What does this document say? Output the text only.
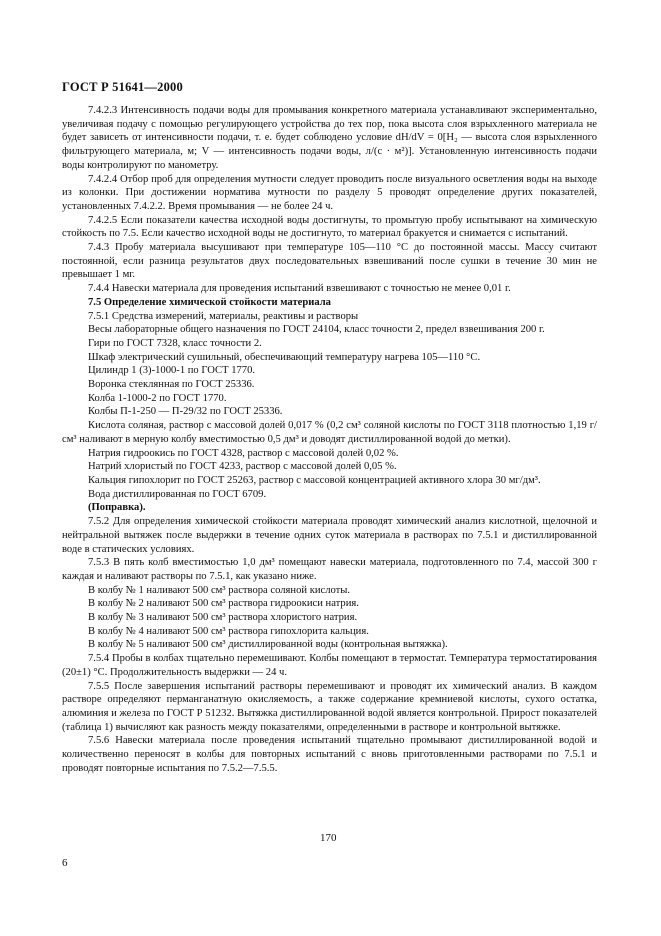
ГОСТ Р 51641—2000

7.4.2.3 Интенсивность подачи воды для промывания конкретного материала устанавливают экспериментально, увеличивая подачу с помощью регулирующего устройства до тех пор, пока высота слоя взрыхленного материала не будет зависеть от интенсивности подачи, т. е. будет соблюдено условие dH/dV = 0[H₂ — высота слоя взрыхленного фильтрующего материала, м; V — интенсивность подачи воды, л/(с · м²)]. Установленную интенсивность подачи воды контролируют по манометру.

7.4.2.4 Отбор проб для определения мутности следует проводить после визуального осветления воды на выходе из колонки. При достижении норматива мутности по разделу 5 проводят определение других показателей, установленных 7.4.2.2. Время промывания — не более 24 ч.

7.4.2.5 Если показатели качества исходной воды достигнуты, то промытую пробу испытывают на химическую стойкость по 7.5. Если качество исходной воды не достигнуто, то материал бракуется и снимается с испытаний.

7.4.3 Пробу материала высушивают при температуре 105—110 °С до постоянной массы. Массу считают постоянной, если разница результатов двух последовательных взвешиваний после сушки в течение 30 мин не превышает 1 мг.

7.4.4 Навески материала для проведения испытаний взвешивают с точностью не менее 0,01 г.

7.5 Определение химической стойкости материала

7.5.1 Средства измерений, материалы, реактивы и растворы

Весы лабораторные общего назначения по ГОСТ 24104, класс точности 2, предел взвешивания 200 г.

Гири по ГОСТ 7328, класс точности 2.

Шкаф электрический сушильный, обеспечивающий температуру нагрева 105—110 °С.

Цилиндр 1 (3)-1000-1 по ГОСТ 1770.

Воронка стеклянная по ГОСТ 25336.

Колба 1-1000-2 по ГОСТ 1770.

Колбы П-1-250 — П-29/32 по ГОСТ 25336.

Кислота соляная, раствор с массовой долей 0,017 % (0,2 см³ соляной кислоты по ГОСТ 3118 плотностью 1,19 г/см³ наливают в мерную колбу вместимостью 0,5 дм³ и доводят дистиллированной водой до метки).

Натрия гидроокись по ГОСТ 4328, раствор с массовой долей 0,02 %.

Натрий хлористый по ГОСТ 4233, раствор с массовой долей 0,05 %.

Кальция гипохлорит по ГОСТ 25263, раствор с массовой концентрацией активного хлора 30 мг/дм³.

Вода дистиллированная по ГОСТ 6709.

(Поправка).

7.5.2 Для определения химической стойкости материала проводят химический анализ кислотной, щелочной и нейтральной вытяжек после выдержки в течение одних суток материала в растворах по 7.5.1 и дистиллированной воде в статических условиях.

7.5.3 В пять колб вместимостью 1,0 дм³ помещают навески материала, подготовленного по 7.4, массой 300 г каждая и наливают растворы по 7.5.1, как указано ниже.

В колбу № 1 наливают 500 см³ раствора соляной кислоты.

В колбу № 2 наливают 500 см³ раствора гидроокиси натрия.

В колбу № 3 наливают 500 см³ раствора хлористого натрия.

В колбу № 4 наливают 500 см³ раствора гипохлорита кальция.

В колбу № 5 наливают 500 см³ дистиллированной воды (контрольная вытяжка).

7.5.4 Пробы в колбах тщательно перемешивают. Колбы помещают в термостат. Температура термостатирования (20±1) °С. Продолжительность выдержки — 24 ч.

7.5.5 После завершения испытаний растворы перемешивают и проводят их химический анализ. В каждом растворе определяют перманганатную окисляемость, а также содержание кремниевой кислоты, сухого остатка, алюминия и железа по ГОСТ Р 51232. Вытяжка дистиллированной водой является контрольной. Прирост показателей (таблица 1) вычисляют как разность между показателями, определенными в растворе и контрольной вытяжке.

7.5.6 Навески материала после проведения испытаний тщательно промывают дистиллированной водой и количественно переносят в колбы для повторных испытаний с вновь приготовленными растворами по 7.5.1 и проводят повторные испытания по 7.5.2—7.5.5.

170
6
